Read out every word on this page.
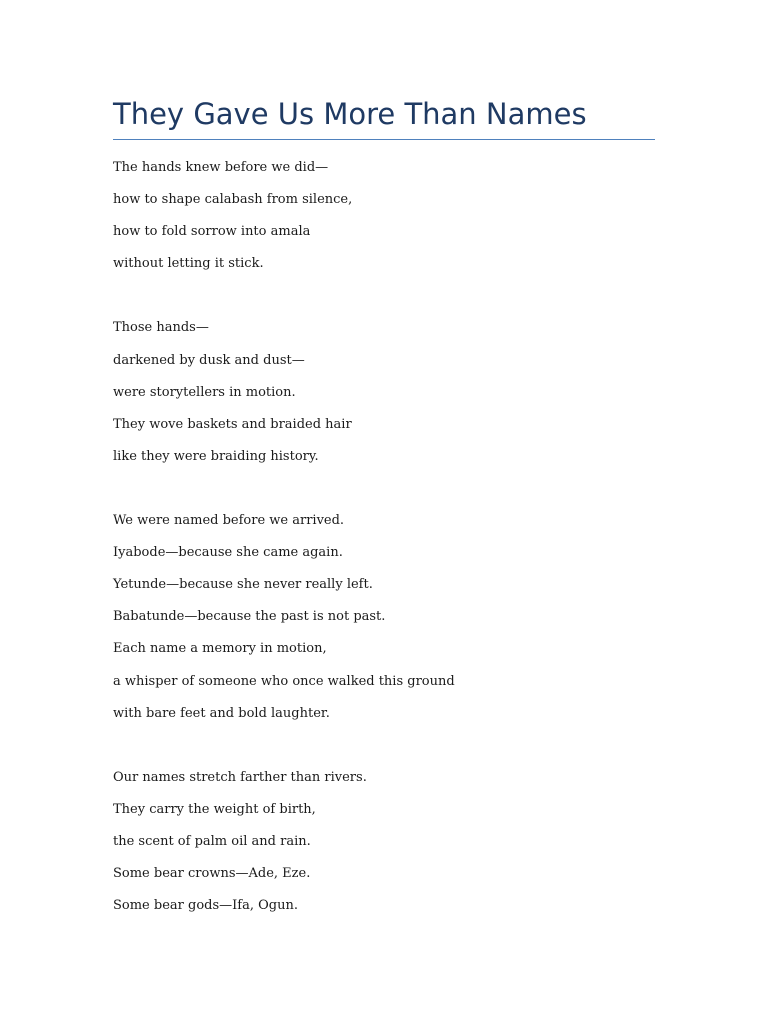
They Gave Us More Than Names
The hands knew before we did—
how to shape calabash from silence,
how to fold sorrow into amala
without letting it stick.
Those hands—
darkened by dusk and dust—
were storytellers in motion.
They wove baskets and braided hair
like they were braiding history.
We were named before we arrived.
Iyabode—because she came again.
Yetunde—because she never really left.
Babatunde—because the past is not past.
Each name a memory in motion,
a whisper of someone who once walked this ground
with bare feet and bold laughter.
Our names stretch farther than rivers.
They carry the weight of birth,
the scent of palm oil and rain.
Some bear crowns—Ade, Eze.
Some bear gods—Ifa, Ogun.
